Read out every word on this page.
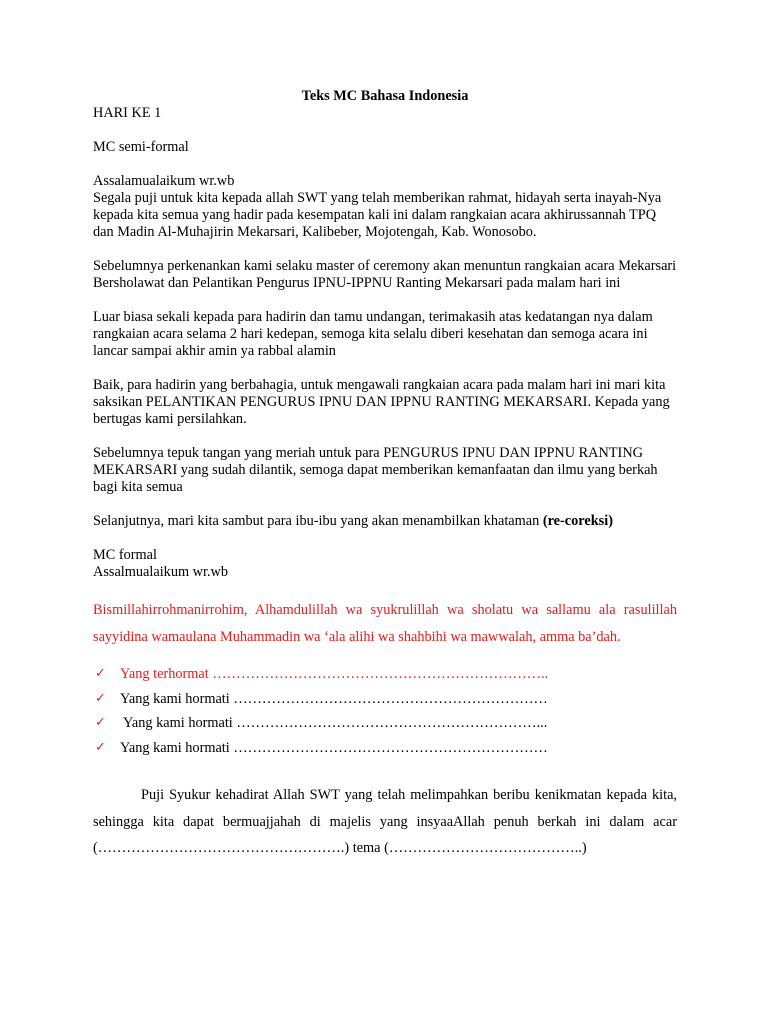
Teks MC Bahasa Indonesia

HARI KE 1

MC semi-formal

Assalamualaikum wr.wb

Segala puji untuk kita kepada allah SWT yang telah memberikan rahmat, hidayah serta inayah-Nya kepada kita semua yang hadir pada kesempatan kali ini dalam rangkaian acara akhirussannah TPQ dan Madin Al-Muhajirin Mekarsari, Kalibeber, Mojotengah, Kab. Wonosobo.

Sebelumnya perkenankan kami selaku master of ceremony akan menuntun rangkaian acara Mekarsari Bersholawat dan Pelantikan Pengurus IPNU-IPPNU Ranting Mekarsari pada malam hari ini

Luar biasa sekali kepada para hadirin dan tamu undangan, terimakasih atas kedatangan nya dalam rangkaian acara selama 2 hari kedepan, semoga kita selalu diberi kesehatan dan semoga acara ini lancar sampai akhir amin ya rabbal alamin

Baik, para hadirin yang berbahagia, untuk mengawali rangkaian acara pada malam hari ini mari kita saksikan PELANTIKAN PENGURUS IPNU DAN IPPNU RANTING MEKARSARI. Kepada yang bertugas kami persilahkan.

Sebelumnya tepuk tangan yang meriah untuk para PENGURUS IPNU DAN IPPNU RANTING MEKARSARI yang sudah dilantik, semoga dapat memberikan kemanfaatan dan ilmu yang berkah bagi kita semua

Selanjutnya, mari kita sambut para ibu-ibu yang akan menambilkan khataman (re-coreksi)

MC formal

Assalmualaikum wr.wb

Bismillahirrohmanirrohim, Alhamdulillah wa syukrulillah wa sholatu wa sallamu ala rasulillah sayyidina wamaulana Muhammadin wa ‘ala alihi wa shahbihi wa mawwalah, amma ba’dah.

✓ Yang terhormat ……………………………………………………………..
✓ Yang kami hormati …………………………………………………………
✓ Yang kami hormati ………………………………………………………...
✓ Yang kami hormati …………………………………………………………

Puji Syukur kehadirat Allah SWT yang telah melimpahkan beribu kenikmatan kepada kita, sehingga kita dapat bermuajjahah di majelis yang insyaaAllah penuh berkah ini dalam acar (…………………………………………….) tema (…………………………………..)
